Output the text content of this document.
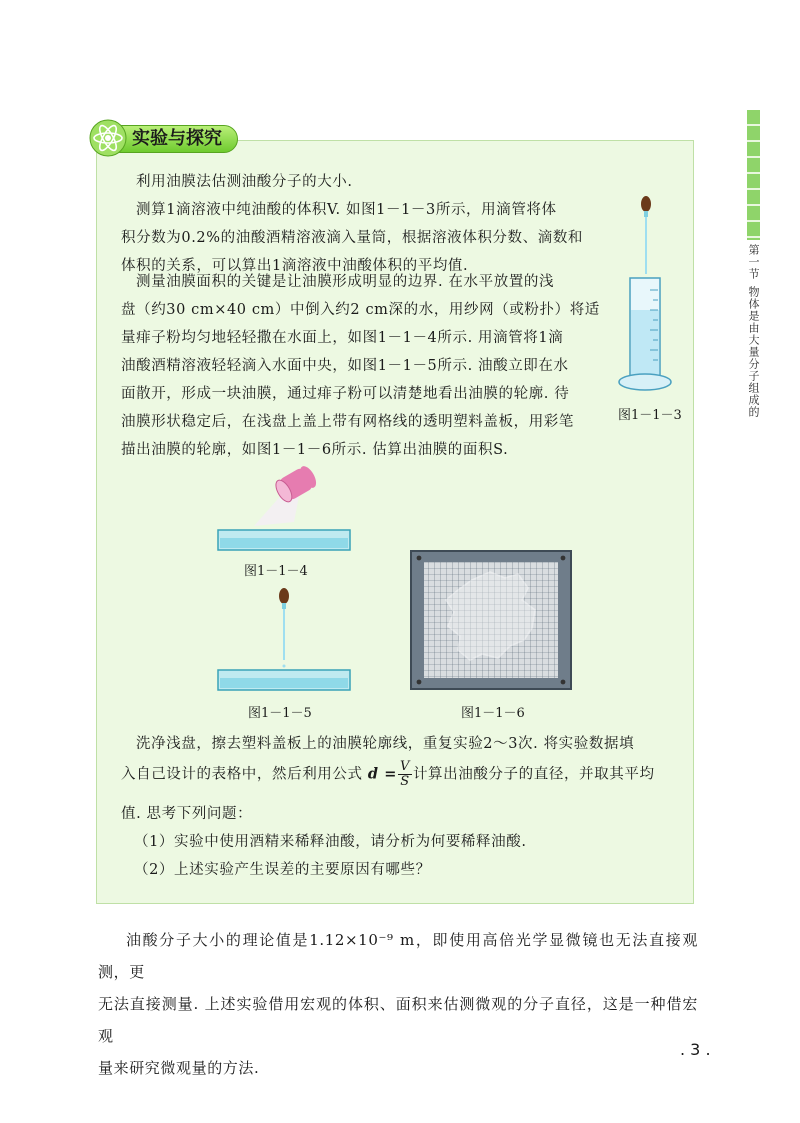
第一节物体是由大量分子组成的
实验与探究

利用油膜法估测油酸分子的大小.

测算1滴溶液中纯油酸的体积V. 如图1－1－3所示，用滴管将体
积分数为0.2%的油酸酒精溶液滴入量筒，根据溶液体积分数、滴数和
体积的关系，可以算出1滴溶液中油酸体积的平均值.

测量油膜面积的关键是让油膜形成明显的边界. 在水平放置的浅
盘（约30 cm×40 cm）中倒入约2 cm深的水，用纱网（或粉扑）将适
量痱子粉均匀地轻轻撒在水面上，如图1－1－4所示. 用滴管将1滴
油酸酒精溶液轻轻滴入水面中央，如图1－1－5所示. 油酸立即在水
面散开，形成一块油膜，通过痱子粉可以清楚地看出油膜的轮廓. 待
油膜形状稳定后，在浅盘上盖上带有网格线的透明塑料盖板，用彩笔
描出油膜的轮廓，如图1－1－6所示. 估算出油膜的面积S.

图1－1－3
图1－1－4
图1－1－5	图1－1－6

洗净浅盘，擦去塑料盖板上的油膜轮廓线，重复实验2～3次. 将实验数据填

入自己设计的表格中，然后利用公式 $d = \frac{V}{S}$ 计算出油酸分子的直径，并取其平均

值. 思考下列问题：

（1）实验中使用酒精来稀释油酸，请分析为何要稀释油酸.
（2）上述实验产生误差的主要原因有哪些？

油酸分子大小的理论值是1.12×10⁻⁹ m，即使用高倍光学显微镜也无法直接观测，更
无法直接测量. 上述实验借用宏观的体积、面积来估测微观的分子直径，这是一种借宏观
量来研究微观量的方法.

. 3 .
